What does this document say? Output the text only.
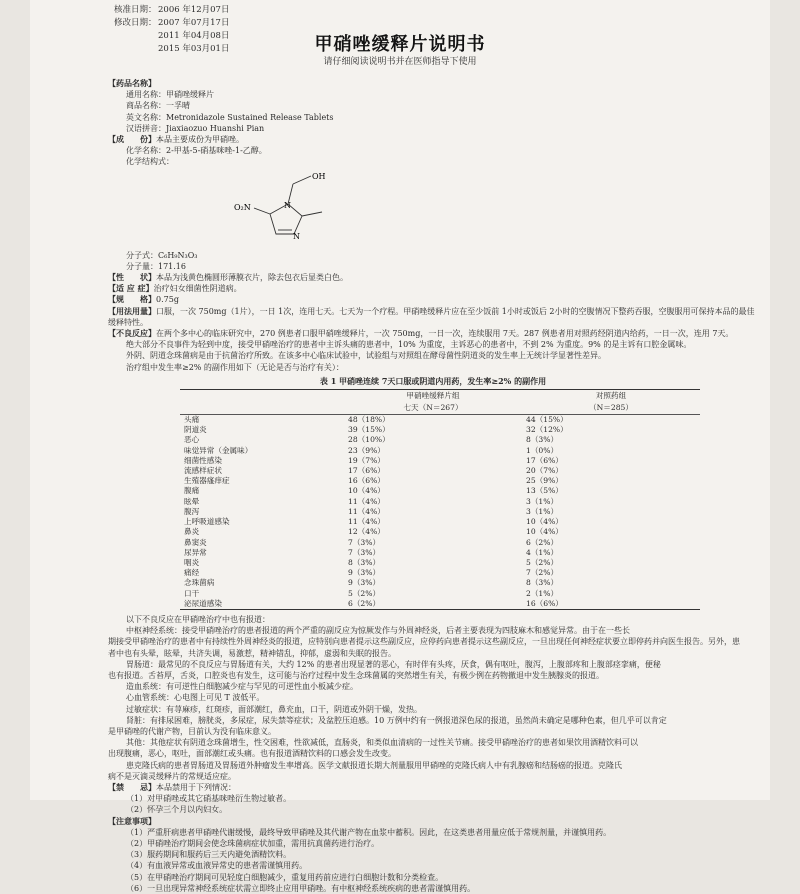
核准日期： 2006 年12月07日
修改日期： 2007 年07月17日
2011 年04月08日
2015 年03月01日	甲硝唑缓释片说明书
请仔细阅读说明书并在医师指导下使用
【药品名称】
通用名称：甲硝唑缓释片
商品名称：一孚晴
英文名称：Metronidazole Sustained Release Tablets
汉语拼音：Jiaxiaozuo Huanshi Pian
【成　　份】本品主要成份为甲硝唑。
化学名称：2-甲基-5-硝基咪唑-1-乙醇。
化学结构式：
OH
N
N
O₂N
分子式：C₆H₉N₃O₃
分子量：171.16
【性　　状】本品为浅黄色椭圆形薄膜衣片，除去包衣后显类白色。
【适 应 症】治疗妇女细菌性阴道病。
【规　　格】0.75g
【用法用量】口服，一次 750mg（1片），一日 1次，连用七天。七天为一个疗程。甲硝唑缓释片应在至少饭前 1小时或饭后 2小时的空腹情况下整药吞服，空腹服用可保持本品的最佳缓释特性。
【不良反应】在两个多中心的临床研究中，270 例患者口服甲硝唑缓释片，一次 750mg，一日一次，连续服用 7天。287 例患者用对照药经阴道内给药，一日一次，连用 7天。
绝大部分不良事件为轻到中度，接受甲硝唑治疗的患者中主诉头痛的患者中，10% 为重度，主诉恶心的患者中，不到 2% 为重度。9% 的是主诉有口腔金属味。
外阴、阴道念珠菌病是由于抗菌治疗所致。在该多中心临床试验中，试验组与对照组在酵母菌性阴道炎的发生率上无统计学显著性差异。
治疗组中发生率≥2% 的副作用如下（无论是否与治疗有关）：
表 1 甲硝唑连续 7天口服或阴道内用药，发生率≥2% 的副作用
	甲硝唑缓释片组	对照药组
	七天（N＝267）	（N＝285）
头痛	48（18%）	44（15%）
阴道炎	39（15%）	32（12%）
恶心	28（10%）	8（3%）
味觉异常（金属味）	23（9%）	1（0%）
细菌性感染	19（7%）	17（6%）
流感样症状	17（6%）	20（7%）
生殖器瘙痒症	16（6%）	25（9%）
腹痛	10（4%）	13（5%）
眩晕	11（4%）	3（1%）
腹泻	11（4%）	3（1%）
上呼吸道感染	11（4%）	10（4%）
鼻炎	12（4%）	10（4%）
鼻窦炎	7（3%）	6（2%）
尿异常	7（3%）	4（1%）
咽炎	8（3%）	5（2%）
痛经	9（3%）	7（2%）
念珠菌病	9（3%）	8（3%）
口干	5（2%）	2（1%）
泌尿道感染	6（2%）	16（6%）
以下不良反应在甲硝唑治疗中也有报道：
中枢神经系统：接受甲硝唑治疗的患者报道的两个严重的副反应为惊厥发作与外周神经炎，后者主要表现为四肢麻木和感觉异常。由于在一些长
期接受甲硝唑治疗的患者中有持续性外周神经炎的报道，应特别向患者提示这些副反应，应停药向患者提示这些副反应，一旦出现任何神经症状要立即停药并向医生报告。另外，患
者中也有头晕，眩晕，共济失调，易激惹，精神错乱，抑郁，虚弱和失眠的报告。
胃肠道：最常见的不良反应与胃肠道有关，大约 12% 的患者出现显著的恶心，有时伴有头疼，厌食，偶有呕吐，腹泻，上腹部疼和上腹部痉挛痛，便秘
也有报道。舌苔厚，舌炎，口腔炎也有发生，这可能与治疗过程中发生念珠菌属的突然增生有关，有极少例在药物撤退中发生胰腺炎的报道。
造血系统：有可逆性白细胞减少症与罕见的可逆性血小板减少症。
心血管系统：心电图上可见 T 波低平。
过敏症状：有荨麻疹，红斑疹，面部潮红，鼻充血，口干，阴道或外阴干燥，发热。
肾脏：有排尿困难，膀胱炎，多尿症，尿失禁等症状；及盆腔压迫感。10 万例中约有一例报道深色尿的报道，虽然尚未确定是哪种色素，但几乎可以肯定
是甲硝唑的代谢产物，目前认为没有临床意义。
其他：其他症状有阴道念珠菌增生，性交困难，性欲减低，直肠炎，和类似血清病的一过性关节痛。接受甲硝唑治疗的患者如果饮用酒精饮料可以
出现腹痛，恶心，呕吐，面部潮红或头痛。也有报道酒精饮料的口感会发生改变。
患克隆氏病的患者胃肠道及胃肠道外肿瘤发生率增高。医学文献报道长期大剂量服用甲硝唑的克隆氏病人中有乳腺癌和结肠癌的报道。克隆氏
病不是灭滴灵缓释片的常规适应症。
【禁　　忌】本品禁用于下列情况：
（1）对甲硝唑或其它硝基咪唑衍生物过敏者。
（2）怀孕三个月以内妇女。
【注意事项】
（1）严重肝病患者甲硝唑代谢缓慢，最终导致甲硝唑及其代谢产物在血浆中蓄积。因此，在这类患者用量应低于常规剂量，并谨慎用药。
（2）甲硝唑治疗期间会使念珠菌病症状加重，需用抗真菌药进行治疗。
（3）服药期间和服药后三天内避免酒精饮料。
（4）有血液异常或血液异常史的患者需谨慎用药。
（5）在甲硝唑治疗期间可见轻度白细胞减少，重复用药前应进行白细胞计数和分类检查。
（6）一旦出现异常神经系统症状需立即终止应用甲硝唑。有中枢神经系统疾病的患者需谨慎用药。
